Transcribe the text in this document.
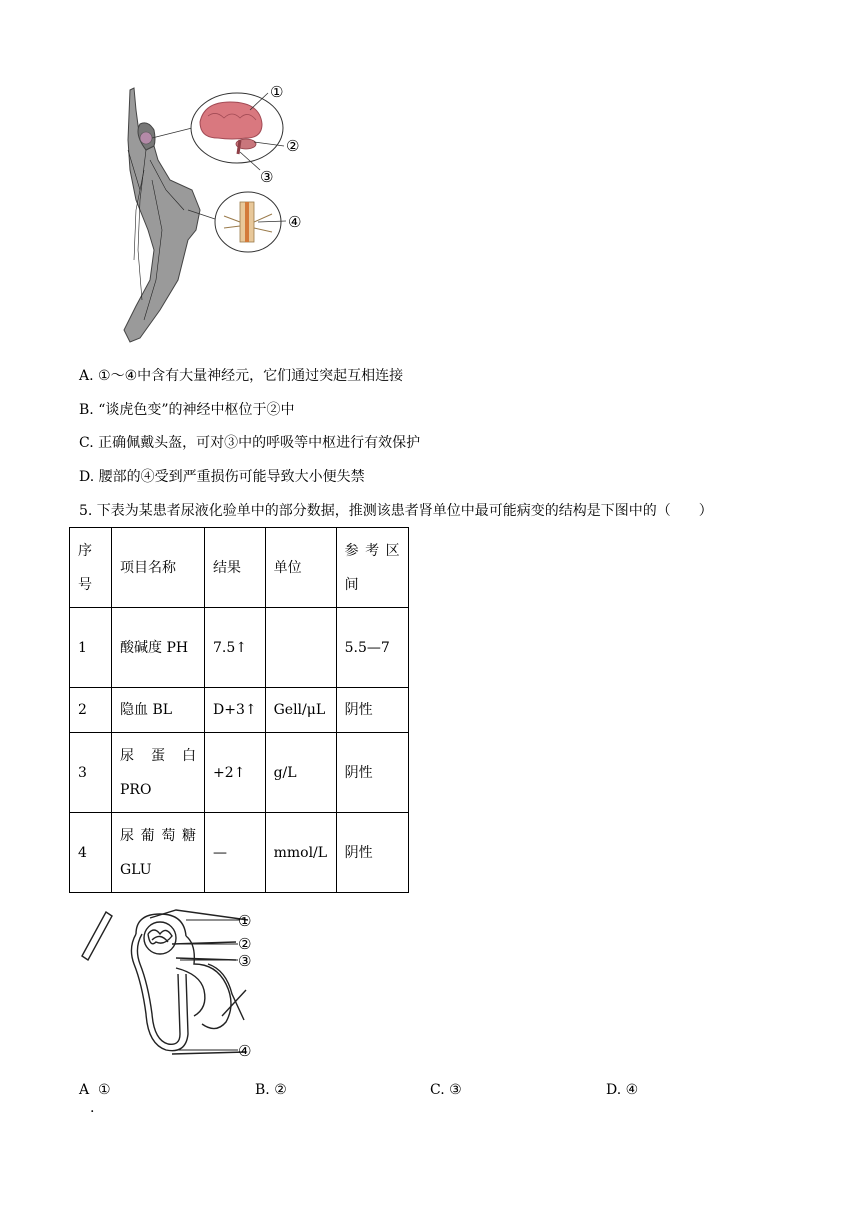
①
②
③
④
A. ①～④中含有大量神经元，它们通过突起互相连接
B. “谈虎色变”的神经中枢位于②中
C. 正确佩戴头盔，可对③中的呼吸等中枢进行有效保护
D. 腰部的④受到严重损伤可能导致大小便失禁
5. 下表为某患者尿液化验单中的部分数据，推测该患者肾单位中最可能病变的结构是下图中的（　　）
序号	项目名称	结果	单位	参考区间
1	酸碱度 PH	7.5↑		5.5—7
2	隐血 BL	D+3↑	Gell/μL	阴性
3	尿蛋白 PRO	+2↑	g/L	阴性
4	尿葡萄糖 GLU	—	mmol/L	阴性
①
②
③
④
A ①
.
B. ②	C. ③	D. ④
